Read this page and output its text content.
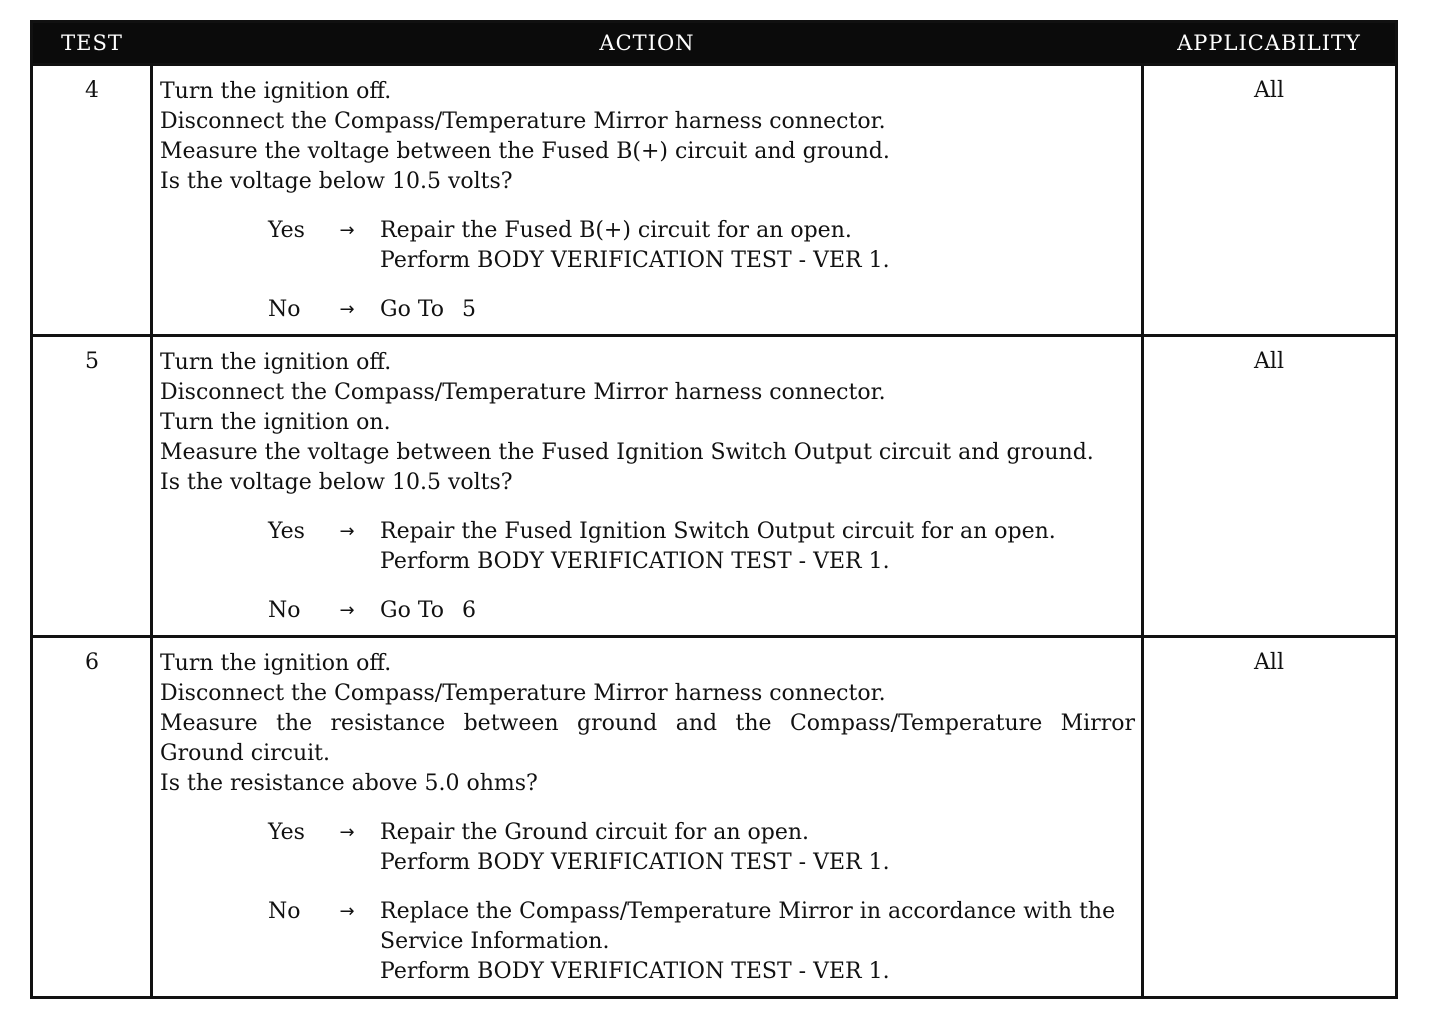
TEST	ACTION	APPLICABILITY
4	Turn the ignition off.
Disconnect the Compass/Temperature Mirror harness connector.
Measure the voltage between the Fused B(+) circuit and ground.
Is the voltage below 10.5 volts?
Yes	→	Repair the Fused B(+) circuit for an open.
Perform BODY VERIFICATION TEST - VER 1.
No	→	Go To 5
All
5	Turn the ignition off.
Disconnect the Compass/Temperature Mirror harness connector.
Turn the ignition on.
Measure the voltage between the Fused Ignition Switch Output circuit and ground.
Is the voltage below 10.5 volts?
Yes	→	Repair the Fused Ignition Switch Output circuit for an open.
Perform BODY VERIFICATION TEST - VER 1.
No	→	Go To 6
All
6	Turn the ignition off.
Disconnect the Compass/Temperature Mirror harness connector.
Measure the resistance between ground and the Compass/Temperature Mirror
Ground circuit.
Is the resistance above 5.0 ohms?
Yes	→	Repair the Ground circuit for an open.
Perform BODY VERIFICATION TEST - VER 1.
No	→	Replace the Compass/Temperature Mirror in accordance with the
Service Information.
Perform BODY VERIFICATION TEST - VER 1.
All
